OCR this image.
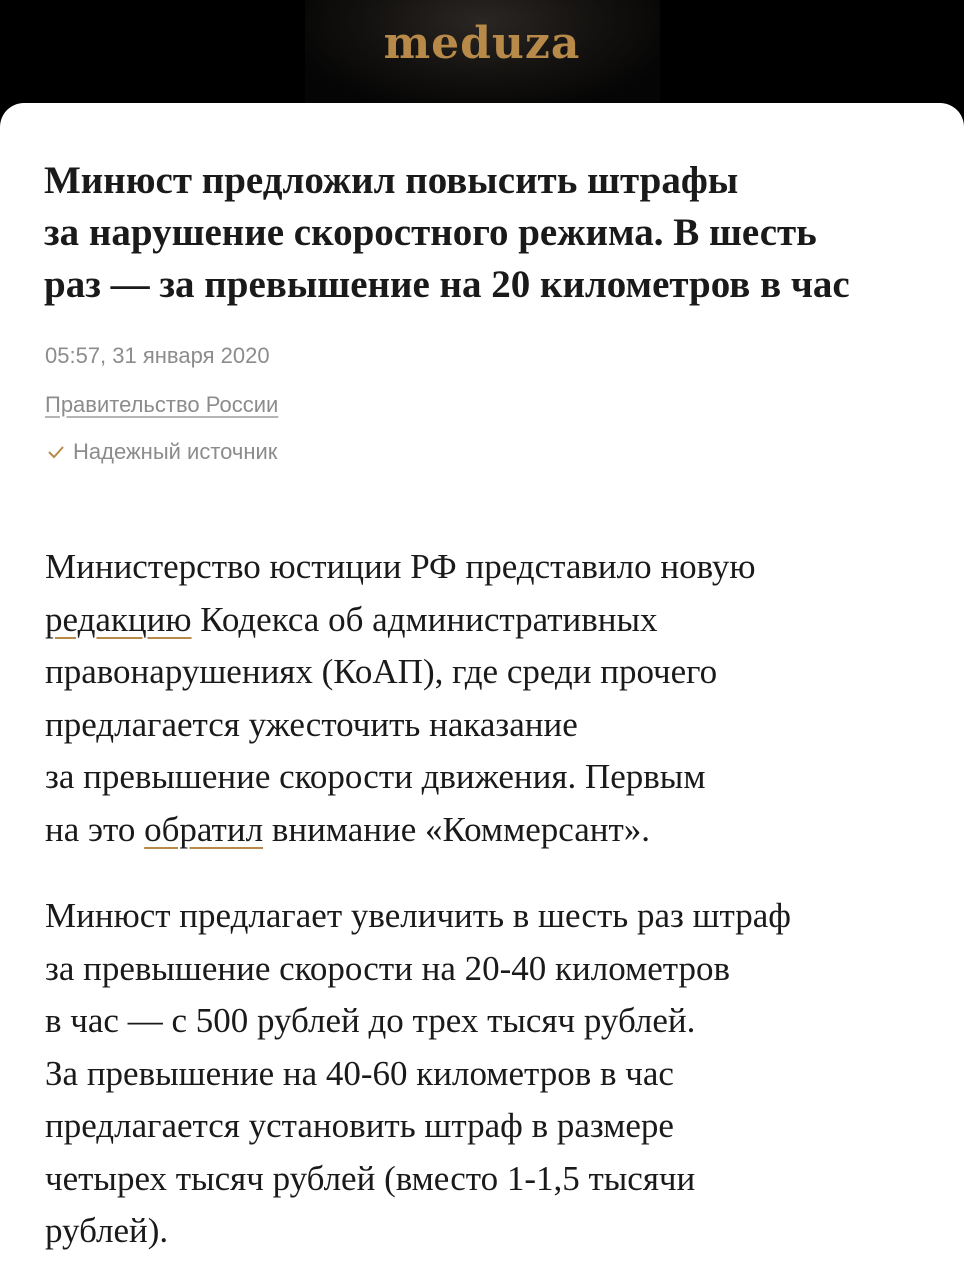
meduza
Минюст предложил повысить штрафы
за нарушение скоростного режима. В шесть
раз — за превышение на 20 километров в час
05:57, 31 января 2020
Правительство России
Надежный источник

Министерство юстиции РФ представило новую
редакцию Кодекса об административных
правонарушениях (КоАП), где среди прочего
предлагается ужесточить наказание
за превышение скорости движения. Первым
на это обратил внимание «Коммерсант».

Минюст предлагает увеличить в шесть раз штраф
за превышение скорости на 20-40 километров
в час — с 500 рублей до трех тысяч рублей.
За превышение на 40-60 километров в час
предлагается установить штраф в размере
четырех тысяч рублей (вместо 1-1,5 тысячи
рублей).
